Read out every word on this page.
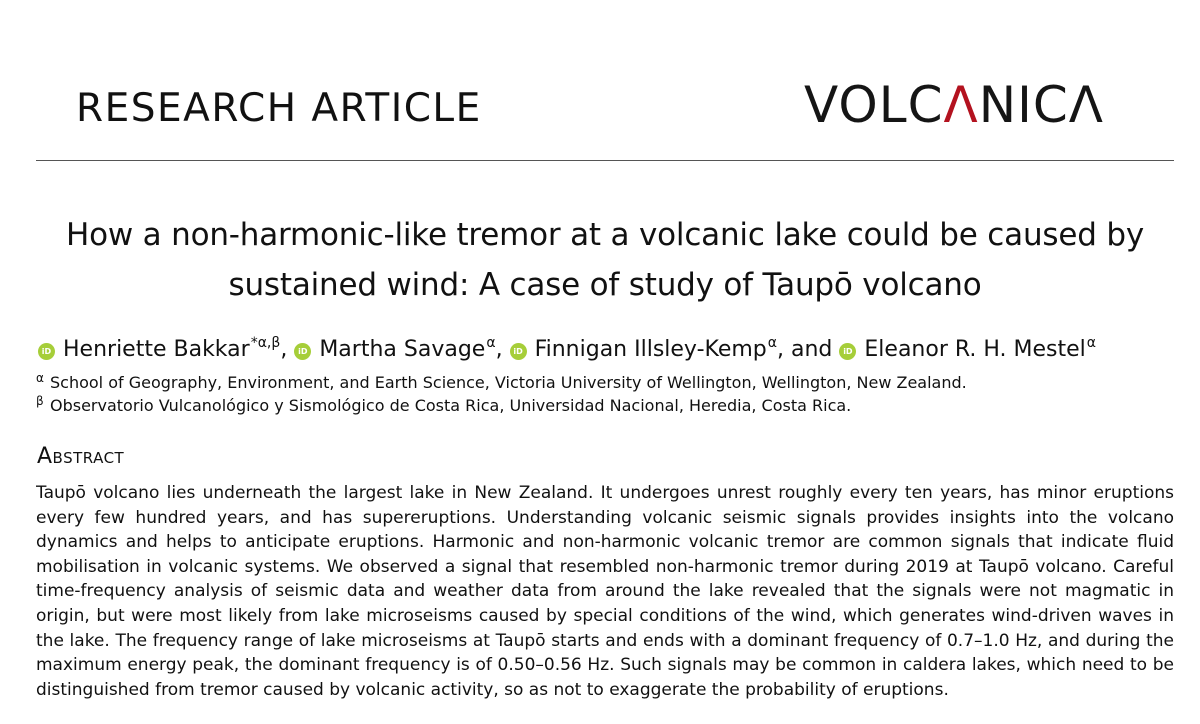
RESEARCH ARTICLE	VOLCΛNICΛ
How a non-harmonic-like tremor at a volcanic lake could be caused by sustained wind: A case of study of Taupō volcano
iD Henriette Bakkar$^{*\alpha,\beta}$, iD Martha Savage$^\alpha$, iD Finnigan Illsley-Kemp$^\alpha$, and iD Eleanor R. H. Mestel$^\alpha$
α School of Geography, Environment, and Earth Science, Victoria University of Wellington, Wellington, New Zealand.
β Observatorio Vulcanológico y Sismológico de Costa Rica, Universidad Nacional, Heredia, Costa Rica.
Abstract
Taupō volcano lies underneath the largest lake in New Zealand. It undergoes unrest roughly every ten years, has minor eruptions every few hundred years, and has supereruptions. Understanding volcanic seismic signals provides insights into the volcano dynamics and helps to anticipate eruptions. Harmonic and non-harmonic volcanic tremor are common signals that indicate fluid mobilisation in volcanic systems. We observed a signal that resembled non-harmonic tremor during 2019 at Taupō volcano. Careful time-frequency analysis of seismic data and weather data from around the lake revealed that the signals were not magmatic in origin, but were most likely from lake microseisms caused by special conditions of the wind, which generates wind-driven waves in the lake. The frequency range of lake microseisms at Taupō starts and ends with a dominant frequency of 0.7–1.0 Hz, and during the maximum energy peak, the dominant frequency is of 0.50–0.56 Hz. Such signals may be common in caldera lakes, which need to be distinguished from tremor caused by volcanic activity, so as not to exaggerate the probability of eruptions.
